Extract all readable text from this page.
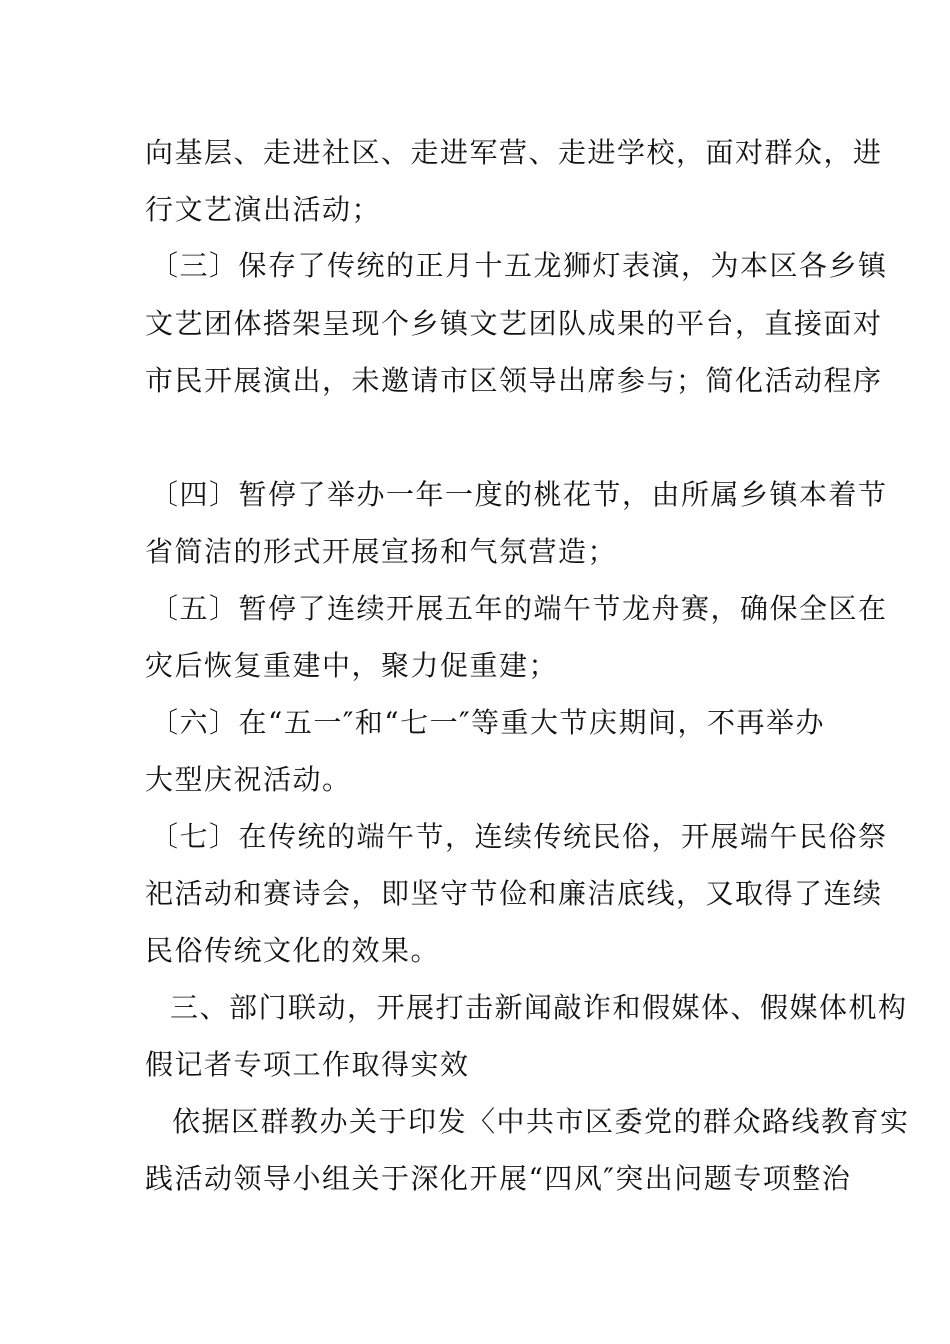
向基层、走进社区、走进军营、走进学校，面对群众，进
行文艺演出活动；
〔三〕保存了传统的正月十五龙狮灯表演，为本区各乡镇
文艺团体搭架呈现个乡镇文艺团队成果的平台，直接面对
市民开展演出，未邀请市区领导出席参与；简化活动程序
〔四〕暂停了举办一年一度的桃花节，由所属乡镇本着节
省简洁的形式开展宣扬和气氛营造；
〔五〕暂停了连续开展五年的端午节龙舟赛，确保全区在
灾后恢复重建中，聚力促重建；
〔六〕在“五一″和“七一″等重大节庆期间，不再举办
大型庆祝活动。
〔七〕在传统的端午节，连续传统民俗，开展端午民俗祭
祀活动和赛诗会，即坚守节俭和廉洁底线，又取得了连续
民俗传统文化的效果。
三、部门联动，开展打击新闻敲诈和假媒体、假媒体机构
假记者专项工作取得实效
依据区群教办关于印发〈中共市区委党的群众路线教育实
践活动领导小组关于深化开展“四风″突出问题专项整治
